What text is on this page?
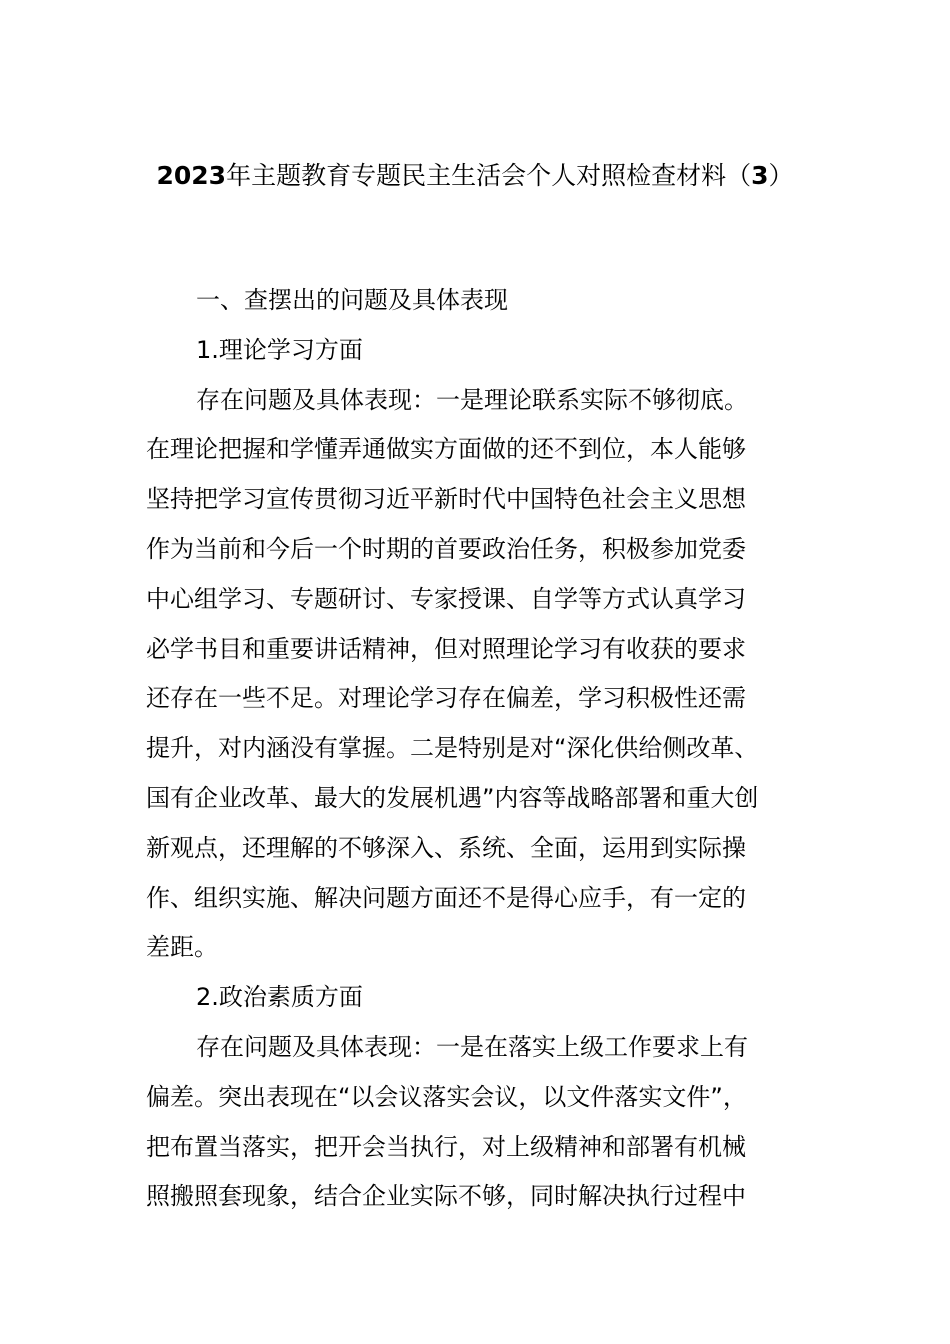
2023年主题教育专题民主生活会个人对照检查材料（3）
一、查摆出的问题及具体表现
1.理论学习方面
存在问题及具体表现：一是理论联系实际不够彻底。
在理论把握和学懂弄通做实方面做的还不到位，本人能够
坚持把学习宣传贯彻习近平新时代中国特色社会主义思想
作为当前和今后一个时期的首要政治任务，积极参加党委
中心组学习、专题研讨、专家授课、自学等方式认真学习
必学书目和重要讲话精神，但对照理论学习有收获的要求
还存在一些不足。对理论学习存在偏差，学习积极性还需
提升，对内涵没有掌握。二是特别是对“深化供给侧改革、
国有企业改革、最大的发展机遇”内容等战略部署和重大创
新观点，还理解的不够深入、系统、全面，运用到实际操
作、组织实施、解决问题方面还不是得心应手，有一定的
差距。
2.政治素质方面
存在问题及具体表现：一是在落实上级工作要求上有
偏差。突出表现在“以会议落实会议，以文件落实文件”，
把布置当落实，把开会当执行，对上级精神和部署有机械
照搬照套现象，结合企业实际不够，同时解决执行过程中
